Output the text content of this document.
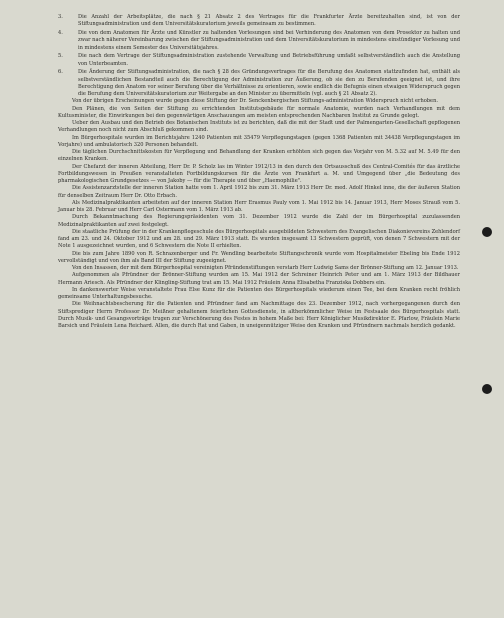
3.	Die Anzahl der Arbeitsplätze, die nach § 21 Absatz 2 des Vertrages für die Frankfurter Ärzte bereitzuhalten sind, ist von der Stiftungsadministration und dem Universitätskuratorium jeweils gemeinsam zu bestimmen.
4.	Die von dem Anatomen für Ärzte und Künstler zu haltenden Vorlesungen sind bei Verhinderung des Anatomen von dem Prosektor zu halten und zwar nach näherer Vereinbarung zwischen der Stiftungsadministration und dem Universitätskuratorium in mindestens einstündiger Vorlesung und in mindestens einem Semester des Universitätsjahres.
5.	Die nach dem Vertrage der Stiftungsadministration zustehende Verwaltung und Betriebsführung umfaßt selbstverständlich auch die Anstellung von Unterbeamten.
6.	Die Änderung der Stiftungsadministration, die nach § 28 des Gründungsvertrages für die Berufung des Anatomen stattzufinden hat, enthält als selbstverständlichen Bestandteil auch die Berechtigung der Administration zur Äußerung, ob sie den zu Berufenden geeignet ist, und ihre Berechtigung den Anatom vor seiner Berufung über die Verhältnisse zu orientieren, sowie endlich die Befugnis einen etwaigen Widerspruch gegen die Berufung dem Universitätskuratorium zur Weitergabe an den Minister zu übermitteln (vgl. auch § 21 Absatz 2).
Von der übrigen Erscheinungen wurde gegen diese Stiftung der Dr. Senckenbergischen Stiftungs-administration Widerspruch nicht erhoben.
Den Plänen, die von Seiten der Stiftung zu errichtenden Institutsgebäude für normale Anatomie, wurden nach Verhandlungen mit dem Kultusminister, die Einwirkungen bei den gegenwärtigen Anschauungen am meisten entsprechenden Nachbaren Institut zu Grunde gelegt.
Ueber den Ausbau und den Betrieb des Botanischen Instituts ist zu berichten, daß die mit der Stadt und der Palmengarten-Gesellschaft gepflogenen Verhandlungen noch nicht zum Abschluß gekommen sind.
Im Bürgerhospitale wurden im Berichtsjahre 1240 Patienten mit 35479 Verpflegungstagen (gegen 1368 Patienten mit 34438 Verpflegungstagen im Vorjahre) und ambulatorisch 320 Personen behandelt.
Die täglichen Durchschnittskosten für Verpflegung und Behandlung der Kranken erhöhten sich gegen das Vorjahr von M. 5.32 auf M. 5.49 für den einzelnen Kranken.
Der Chefarzt der inneren Abteilung, Herr Dr. P. Scholz las im Winter 1912/13 in den durch den Ortsausschuß des Central-Comités für das ärztliche Fortbildungswesen in Preußen veranstalteten Fortbildungskursen für die Ärzte von Frankfurt a. M. und Umgegend über „die Bedeutung des pharmakologischen Grundgesetzes — von Jakoby — für die Therapie und über „Haemophilie".
Die Assistenzarztstelle der inneren Station hatte vom 1. April 1912 bis zum 31. März 1913 Herr Dr. med. Adolf Hinkel inne, die der äußeren Station für denselben Zeitraum Herr Dr. Otto Erbach.
Als Medizinalpraktikanten arbeiteten auf der inneren Station Herr Erasmus Pauly vom 1. Mai 1912 bis 14. Januar 1913, Herr Moses Strauß vom 5. Januar bis 28. Februar und Herr Carl Ostermann vom 1. März 1913 ab.
Durch Bekanntmachung des Regierungspräsidenten vom 31. Dezember 1912 wurde die Zahl der im Bürgerhospital zuzulassenden Medizinalpraktikanten auf zwei festgelegt.
Die staatliche Prüfung der in der Krankenpflegeschule des Bürgerhospitals ausgebildeten Schwestern des Evangelischen Diakonievereins Zehlendorf fand am 23. und 24. Oktober 1912 und am 28. und 29. März 1913 statt. Es wurden insgesamt 13 Schwestern geprüft, von denen 7 Schwestern mit der Note 1 ausgezeichnet wurden, und 6 Schwestern die Note II erhielten.
Die bis zum Jahre 1890 von R. Schrazenberger und Fr. Wendling bearbeitete Stiftungschronik wurde vom Hospitalmeister Ebeling bis Ende 1912 vervollständigt und von ihm als Band III der Stiftung zugeeignet.
Von den Insassen, der mit dem Bürgerhospital vereinigten Pfründenstiftungen verstarb Herr Ludwig Sams der Brönner-Stiftung am 12. Januar 1913.
Aufgenommen als Pfründner der Brönner-Stiftung wurden am 15. Mai 1912 der Schreiner Heinrich Peter und am 1. März 1913 der Bildhauer Hermann Ariesch. Als Pfründner der Klingling-Stiftung trat am 15. Mai 1912 Fräulein Anna Elisabetha Franziska Dobbers ein.
In dankenswerter Weise veranstaltete Frau Else Kunz für die Patienten des Bürgerhospitals wiederum einen Tee, bei dem Kranken recht fröhlich gemeinsame Unterhaltungsbesuche.
Die Weihnachtsbescherung für die Patienten und Pfründner fand am Nachmittage des 23. Dezember 1912, nach vorhergegangenen durch den Stiftsprediger Herrn Professor Dr. Meißner gehaltenem feierlichen Gottesdienste, in altherkömmlicher Weise im Festsaale des Bürgerhospitals statt. Durch Musik- und Gesangsvorträge trugen zur Verschönerung des Festes in hohem Maße bei: Herr Königlicher Musikdirektor E. Pfarlow, Fräulein Marie Barsich und Fräulein Lena Reichard. Allen, die durch Rat und Gaben, in uneigennütziger Weise den Kranken und Pfründnern nachmals herzlich gedankt.
